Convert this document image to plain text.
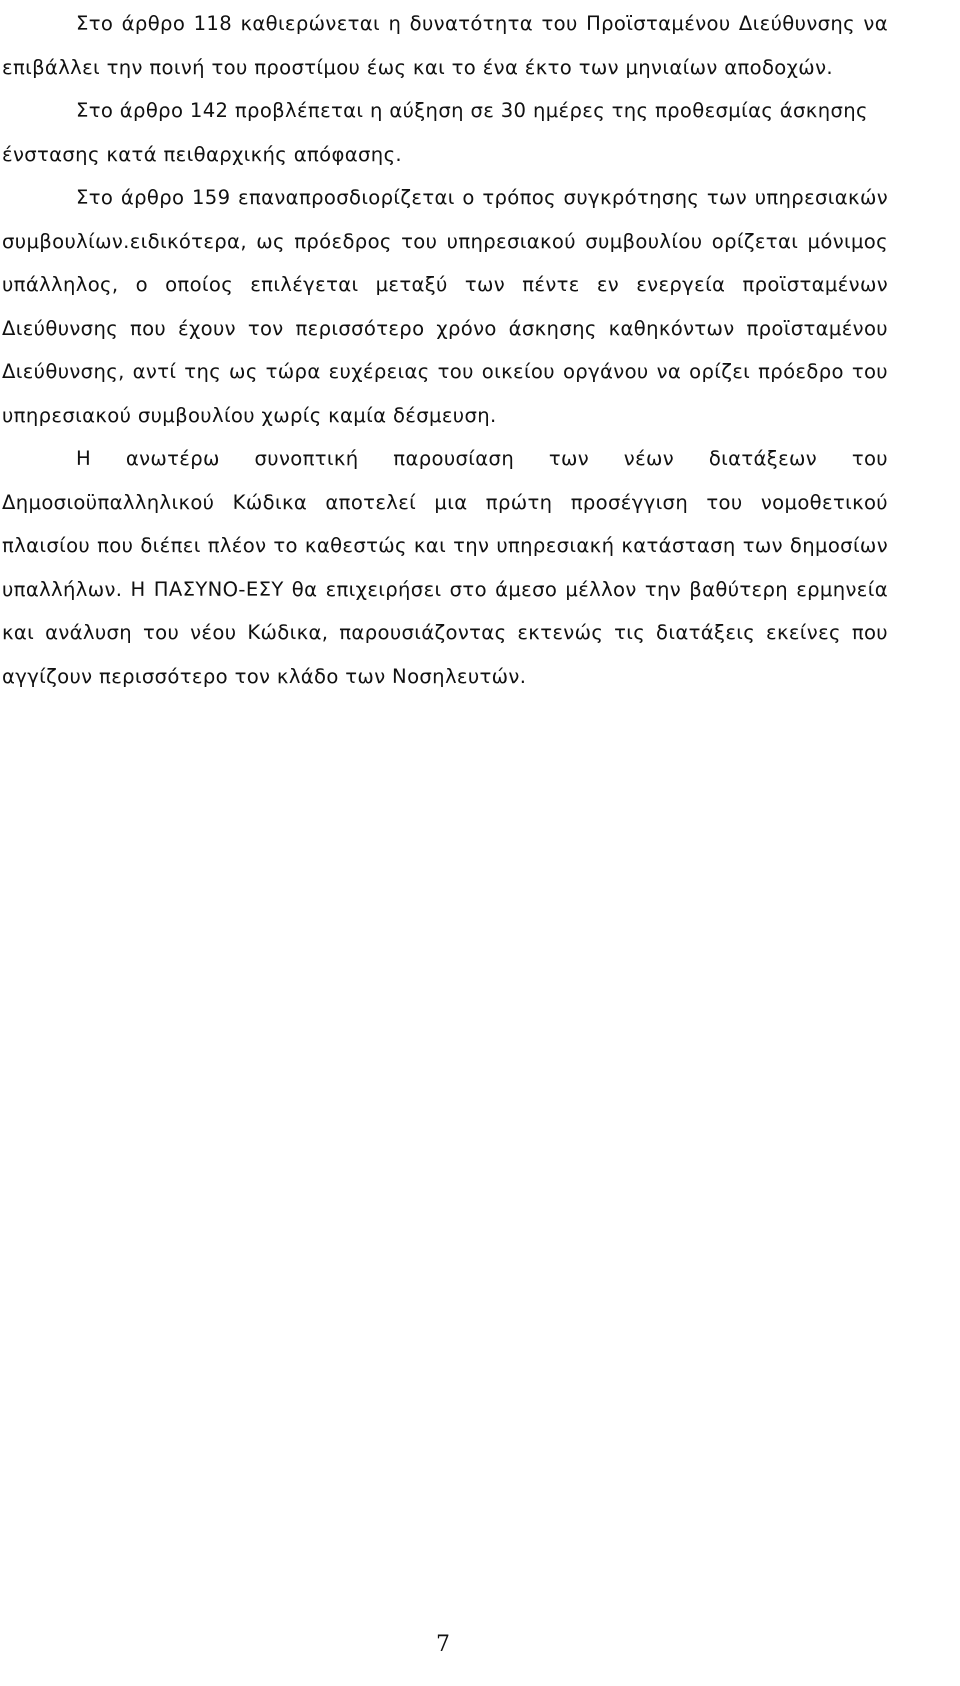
Στο άρθρο 118 καθιερώνεται η δυνατότητα του Προϊσταμένου Διεύθυνσης να επιβάλλει την ποινή του προστίμου έως και το ένα έκτο των μηνιαίων αποδοχών.

Στο άρθρο 142 προβλέπεται η αύξηση σε 30 ημέρες της προθεσμίας άσκησης ένστασης κατά πειθαρχικής απόφασης.

Στο άρθρο 159 επαναπροσδιορίζεται ο τρόπος συγκρότησης των υπηρεσιακών συμβουλίων.ειδικότερα, ως πρόεδρος του υπηρεσιακού συμβουλίου ορίζεται μόνιμος υπάλληλος, ο οποίος επιλέγεται μεταξύ των πέντε εν ενεργεία προϊσταμένων Διεύθυνσης που έχουν τον περισσότερο χρόνο άσκησης καθηκόντων προϊσταμένου Διεύθυνσης, αντί της ως τώρα ευχέρειας του οικείου οργάνου να ορίζει πρόεδρο του υπηρεσιακού συμβουλίου χωρίς καμία δέσμευση.

Η ανωτέρω συνοπτική παρουσίαση των νέων διατάξεων του Δημοσιοϋπαλληλικού Κώδικα αποτελεί μια πρώτη προσέγγιση του νομοθετικού πλαισίου που διέπει πλέον το καθεστώς και την υπηρεσιακή κατάσταση των δημοσίων υπαλλήλων. Η ΠΑΣΥΝΟ-ΕΣΥ θα επιχειρήσει στο άμεσο μέλλον την βαθύτερη ερμηνεία και ανάλυση του νέου Κώδικα, παρουσιάζοντας εκτενώς τις διατάξεις εκείνες που αγγίζουν περισσότερο τον κλάδο των Νοσηλευτών.

7
